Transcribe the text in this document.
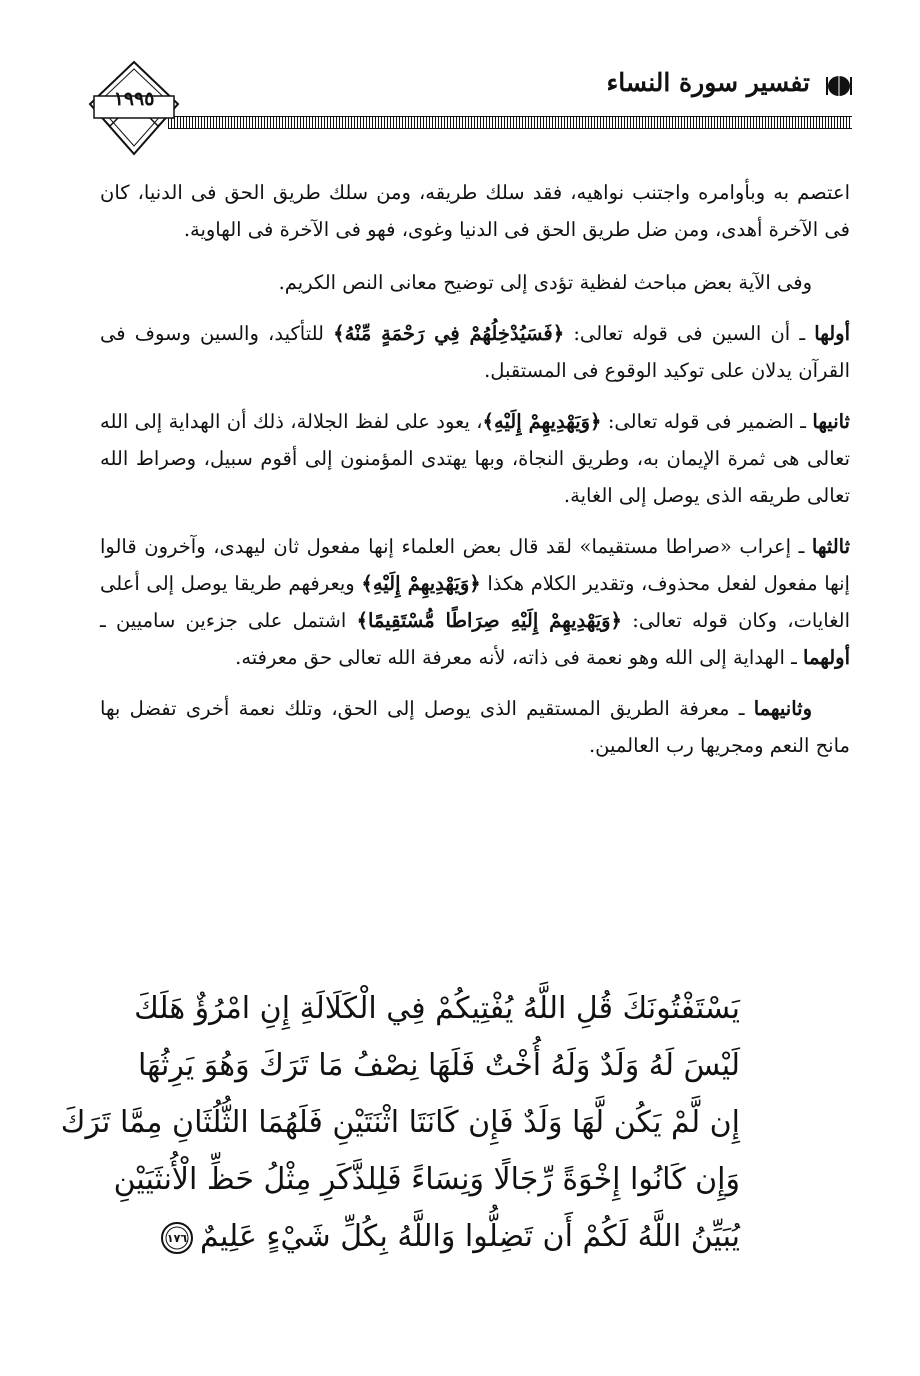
تفسير سورة النساء
١٩٩٥

اعتصم به وبأوامره واجتنب نواهيه، فقد سلك طريقه، ومن سلك طريق الحق فى الدنيا، كان فى الآخرة أهدى، ومن ضل طريق الحق فى الدنيا وغوى، فهو فى الآخرة فى الهاوية.

وفى الآية بعض مباحث لفظية تؤدى إلى توضيح معانى النص الكريم.

أولها ـ أن السين فى قوله تعالى: ﴿فَسَيُدْخِلُهُمْ فِي رَحْمَةٍ مِّنْهُ﴾ للتأكيد، والسين وسوف فى القرآن يدلان على توكيد الوقوع فى المستقبل.

ثانيها ـ الضمير فى قوله تعالى: ﴿وَيَهْدِيهِمْ إِلَيْهِ﴾، يعود على لفظ الجلالة، ذلك أن الهداية إلى الله تعالى هى ثمرة الإيمان به، وطريق النجاة، وبها يهتدى المؤمنون إلى أقوم سبيل، وصراط الله تعالى طريقه الذى يوصل إلى الغاية.

ثالثها ـ إعراب «صراطا مستقيما» لقد قال بعض العلماء إنها مفعول ثان ليهدى، وآخرون قالوا إنها مفعول لفعل محذوف، وتقدير الكلام هكذا ﴿وَيَهْدِيهِمْ إِلَيْهِ﴾ ويعرفهم طريقا يوصل إلى أعلى الغايات، وكان قوله تعالى: ﴿وَيَهْدِيهِمْ إِلَيْهِ صِرَاطًا مُّسْتَقِيمًا﴾ اشتمل على جزءين ساميين ـ أولهما ـ الهداية إلى الله وهو نعمة فى ذاته، لأنه معرفة الله تعالى حق معرفته.

وثانيهما ـ معرفة الطريق المستقيم الذى يوصل إلى الحق، وتلك نعمة أخرى تفضل بها مانح النعم ومجريها رب العالمين.

يَسْتَفْتُونَكَ قُلِ اللَّهُ يُفْتِيكُمْ فِي الْكَلَالَةِ إِنِ امْرُؤٌ هَلَكَ
لَيْسَ لَهُ وَلَدٌ وَلَهُ أُخْتٌ فَلَهَا نِصْفُ مَا تَرَكَ وَهُوَ يَرِثُهَا
إِن لَّمْ يَكُن لَّهَا وَلَدٌ فَإِن كَانَتَا اثْنَتَيْنِ فَلَهُمَا الثُّلُثَانِ مِمَّا تَرَكَ
وَإِن كَانُوا إِخْوَةً رِّجَالًا وَنِسَاءً فَلِلذَّكَرِ مِثْلُ حَظِّ الْأُنثَيَيْنِ
يُبَيِّنُ اللَّهُ لَكُمْ أَن تَضِلُّوا وَاللَّهُ بِكُلِّ شَيْءٍ عَلِيمٌ
١٧٦
